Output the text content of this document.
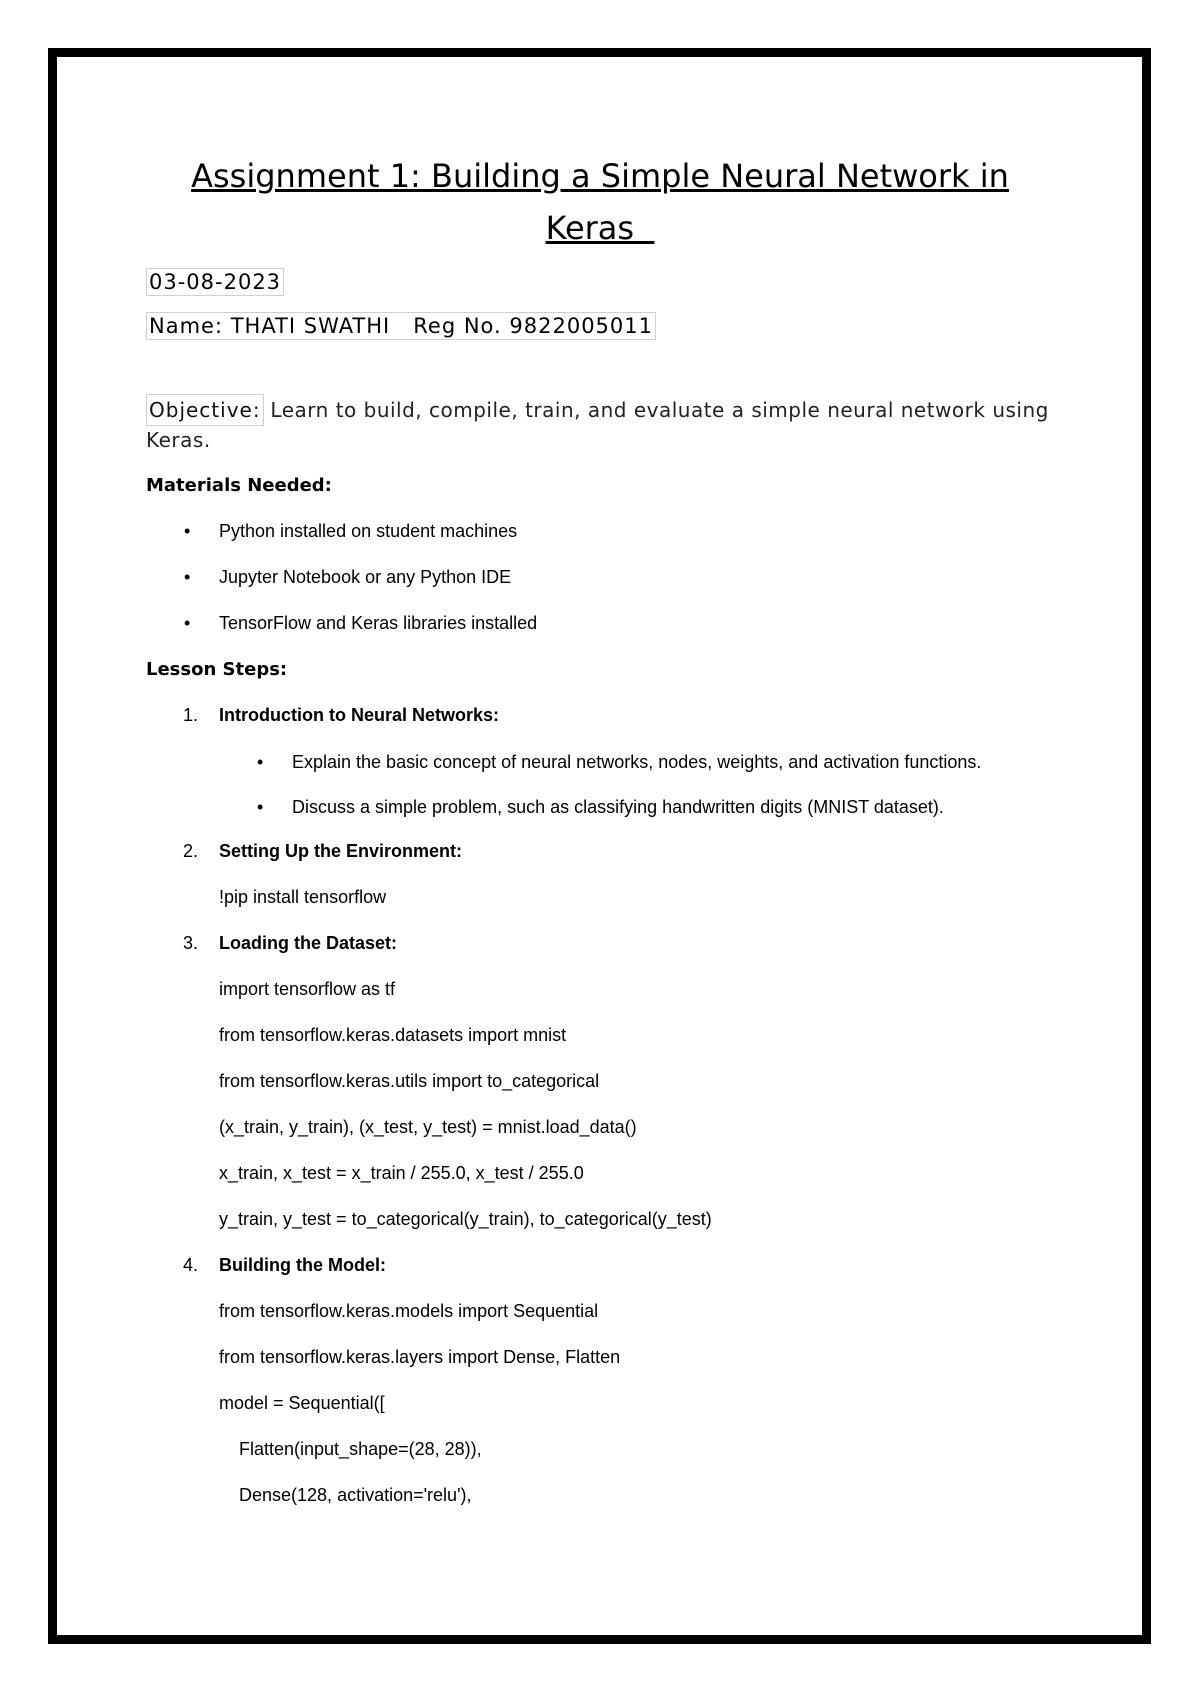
Assignment 1: Building a Simple Neural Network in
Keras
03-08-2023
Name: THATI SWATHI   Reg No. 9822005011
Objective: Learn to build, compile, train, and evaluate a simple neural network using Keras.
Materials Needed:
• Python installed on student machines
• Jupyter Notebook or any Python IDE
• TensorFlow and Keras libraries installed
Lesson Steps:
1. Introduction to Neural Networks:
• Explain the basic concept of neural networks, nodes, weights, and activation functions.
• Discuss a simple problem, such as classifying handwritten digits (MNIST dataset).
2. Setting Up the Environment:
!pip install tensorflow
3. Loading the Dataset:
import tensorflow as tf
from tensorflow.keras.datasets import mnist
from tensorflow.keras.utils import to_categorical
(x_train, y_train), (x_test, y_test) = mnist.load_data()
x_train, x_test = x_train / 255.0, x_test / 255.0
y_train, y_test = to_categorical(y_train), to_categorical(y_test)
4. Building the Model:
from tensorflow.keras.models import Sequential
from tensorflow.keras.layers import Dense, Flatten
model = Sequential([
Flatten(input_shape=(28, 28)),
Dense(128, activation='relu'),
